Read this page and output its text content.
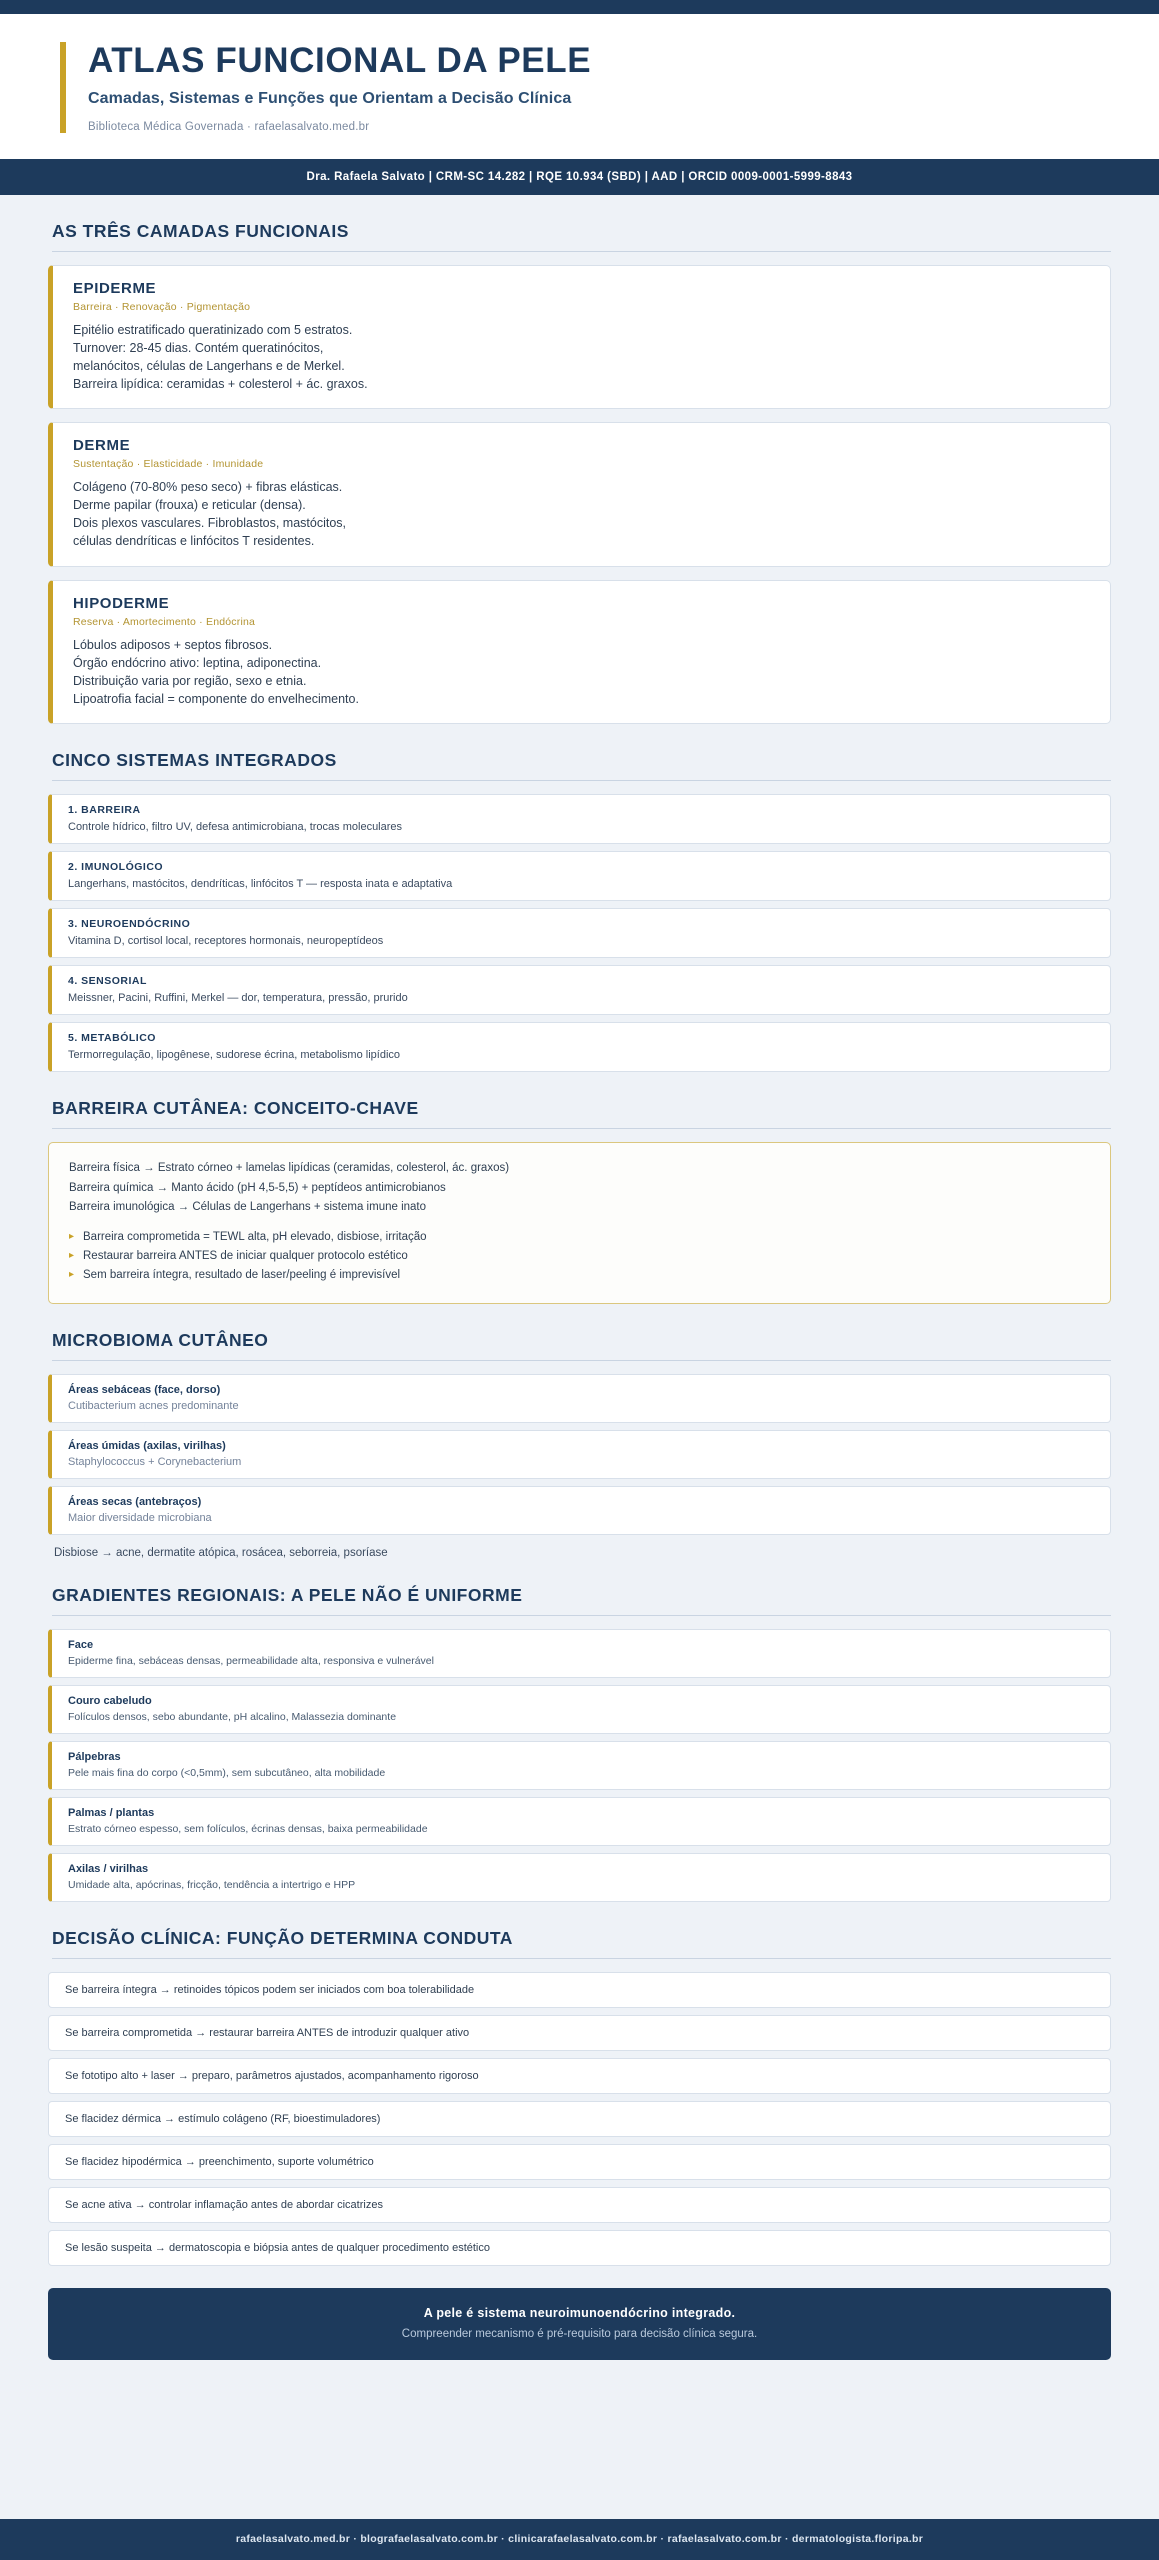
ATLAS FUNCIONAL DA PELE
Camadas, Sistemas e Funções que Orientam a Decisão Clínica
Biblioteca Médica Governada · rafaelasalvato.med.br
Dra. Rafaela Salvato | CRM-SC 14.282 | RQE 10.934 (SBD) | AAD | ORCID 0009-0001-5999-8843
AS TRÊS CAMADAS FUNCIONAIS
EPIDERME
Barreira · Renovação · Pigmentação
Epitélio estratificado queratinizado com 5 estratos.
Turnover: 28-45 dias. Contém queratinócitos,
melanócitos, células de Langerhans e de Merkel.
Barreira lipídica: ceramidas + colesterol + ác. graxos.
DERME
Sustentação · Elasticidade · Imunidade
Colágeno (70-80% peso seco) + fibras elásticas.
Derme papilar (frouxa) e reticular (densa).
Dois plexos vasculares. Fibroblastos, mastócitos,
células dendríticas e linfócitos T residentes.
HIPODERME
Reserva · Amortecimento · Endócrina
Lóbulos adiposos + septos fibrosos.
Órgão endócrino ativo: leptina, adiponectina.
Distribuição varia por região, sexo e etnia.
Lipoatrofia facial = componente do envelhecimento.
CINCO SISTEMAS INTEGRADOS
1. BARREIRA
Controle hídrico, filtro UV, defesa antimicrobiana, trocas moleculares
2. IMUNOLÓGICO
Langerhans, mastócitos, dendríticas, linfócitos T — resposta inata e adaptativa
3. NEUROENDÓCRINO
Vitamina D, cortisol local, receptores hormonais, neuropeptídeos
4. SENSORIAL
Meissner, Pacini, Ruffini, Merkel — dor, temperatura, pressão, prurido
5. METABÓLICO
Termorregulação, lipogênese, sudorese écrina, metabolismo lipídico
BARREIRA CUTÂNEA: CONCEITO-CHAVE
Barreira física → Estrato córneo + lamelas lipídicas (ceramidas, colesterol, ác. graxos)
Barreira química → Manto ácido (pH 4,5-5,5) + peptídeos antimicrobianos
Barreira imunológica → Células de Langerhans + sistema imune inato
▸ Barreira comprometida = TEWL alta, pH elevado, disbiose, irritação
▸ Restaurar barreira ANTES de iniciar qualquer protocolo estético
▸ Sem barreira íntegra, resultado de laser/peeling é imprevisível
MICROBIOMA CUTÂNEO
Áreas sebáceas (face, dorso)
Cutibacterium acnes predominante
Áreas úmidas (axilas, virilhas)
Staphylococcus + Corynebacterium
Áreas secas (antebraços)
Maior diversidade microbiana
Disbiose → acne, dermatite atópica, rosácea, seborreia, psoríase
GRADIENTES REGIONAIS: A PELE NÃO É UNIFORME
Face
Epiderme fina, sebáceas densas, permeabilidade alta, responsiva e vulnerável
Couro cabeludo
Folículos densos, sebo abundante, pH alcalino, Malassezia dominante
Pálpebras
Pele mais fina do corpo (<0,5mm), sem subcutâneo, alta mobilidade
Palmas / plantas
Estrato córneo espesso, sem folículos, écrinas densas, baixa permeabilidade
Axilas / virilhas
Umidade alta, apócrinas, fricção, tendência a intertrigo e HPP
DECISÃO CLÍNICA: FUNÇÃO DETERMINA CONDUTA
Se barreira íntegra → retinoides tópicos podem ser iniciados com boa tolerabilidade
Se barreira comprometida → restaurar barreira ANTES de introduzir qualquer ativo
Se fototipo alto + laser → preparo, parâmetros ajustados, acompanhamento rigoroso
Se flacidez dérmica → estímulo colágeno (RF, bioestimuladores)
Se flacidez hipodérmica → preenchimento, suporte volumétrico
Se acne ativa → controlar inflamação antes de abordar cicatrizes
Se lesão suspeita → dermatoscopia e biópsia antes de qualquer procedimento estético
A pele é sistema neuroimunoendócrino integrado.
Compreender mecanismo é pré-requisito para decisão clínica segura.
rafaelasalvato.med.br · blografaelasalvato.com.br · clinicarafaelasalvato.com.br · rafaelasalvato.com.br · dermatologista.floripa.br
